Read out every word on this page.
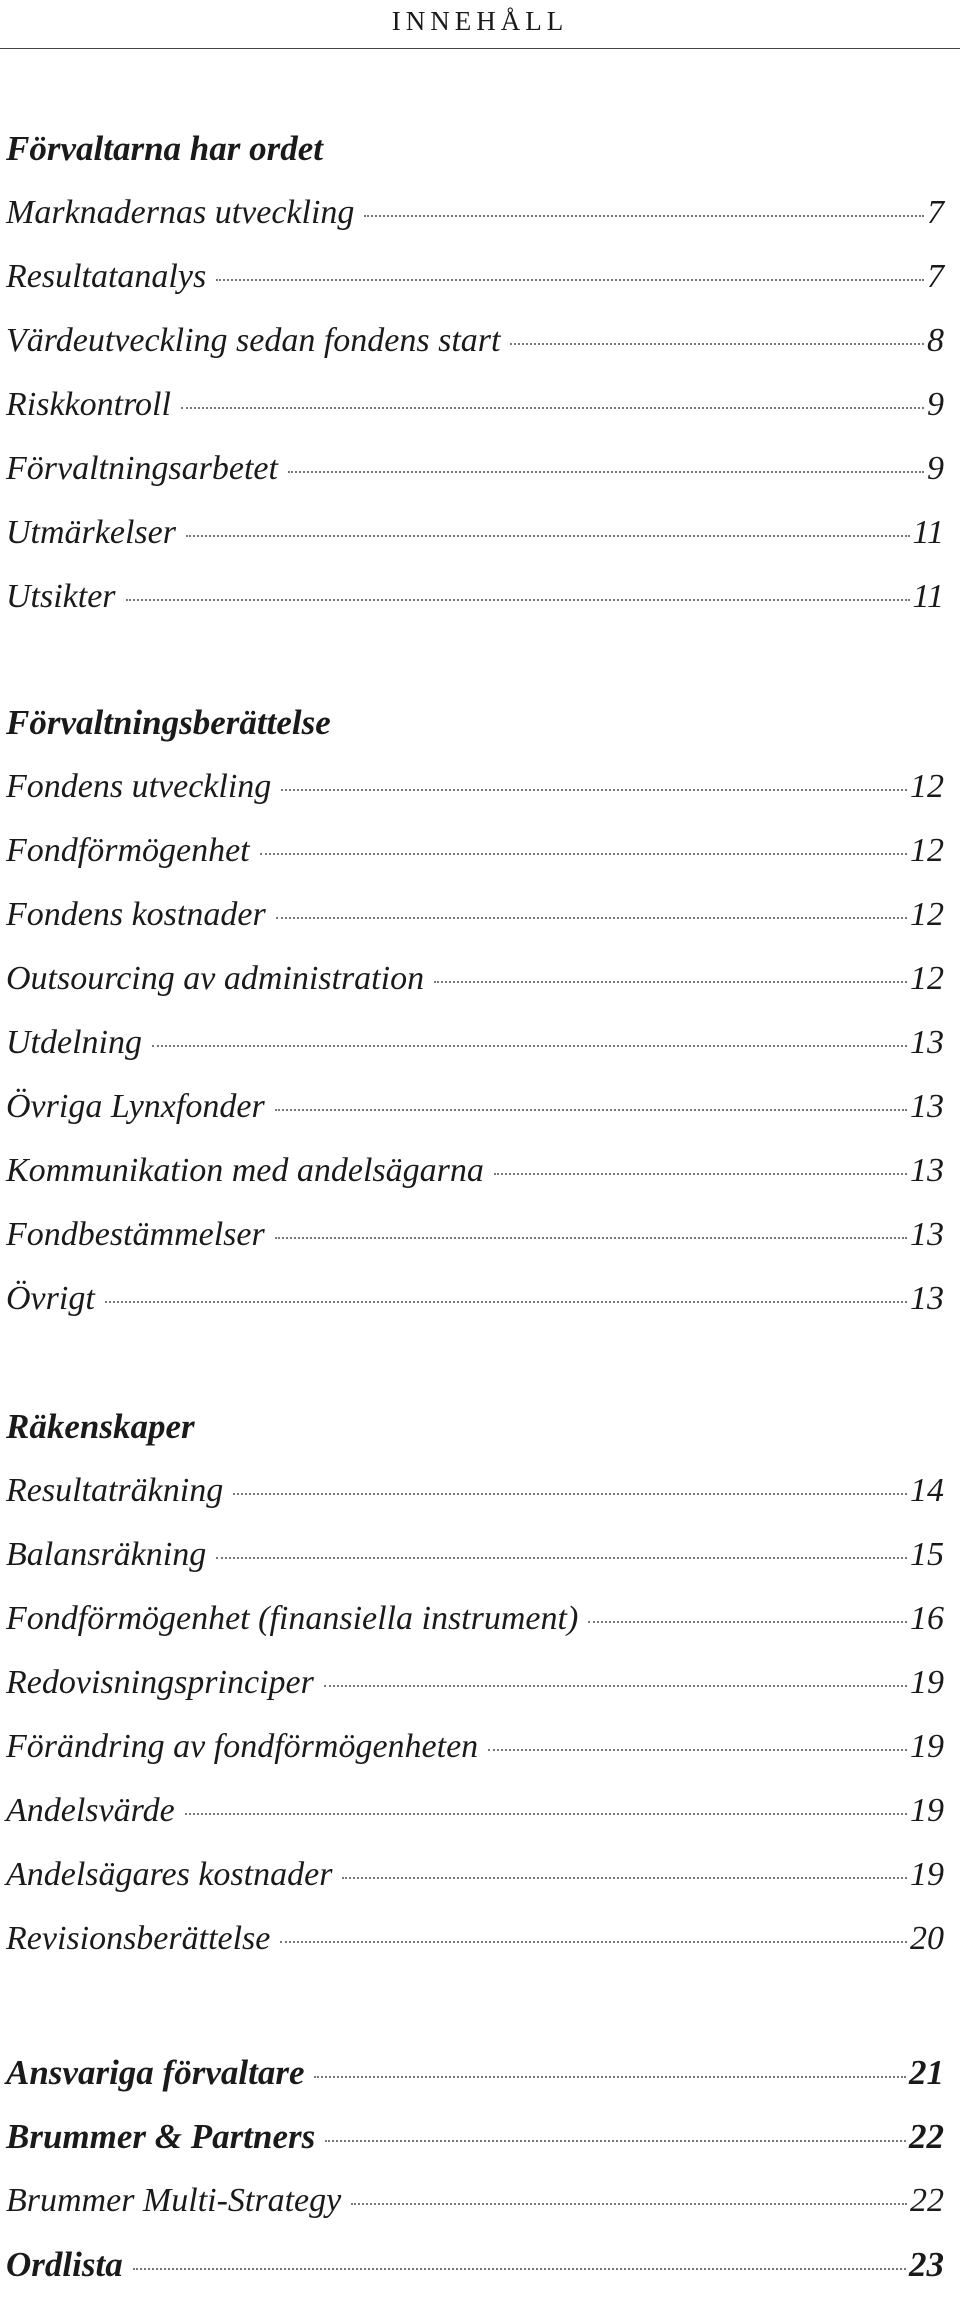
INNEHÅLL
Förvaltarna har ordet
Marknadernas utveckling	7
Resultatanalys	7
Värdeutveckling sedan fondens start	8
Riskkontroll	9
Förvaltningsarbetet	9
Utmärkelser	11
Utsikter	11
Förvaltningsberättelse
Fondens utveckling	12
Fondförmögenhet	12
Fondens kostnader	12
Outsourcing av administration	12
Utdelning	13
Övriga Lynxfonder	13
Kommunikation med andelsägarna	13
Fondbestämmelser	13
Övrigt	13
Räkenskaper
Resultaträkning	14
Balansräkning	15
Fondförmögenhet (finansiella instrument)	16
Redovisningsprinciper	19
Förändring av fondförmögenheten	19
Andelsvärde	19
Andelsägares kostnader	19
Revisionsberättelse	20
Ansvariga förvaltare	21
Brummer & Partners	22
Brummer Multi-Strategy	22
Ordlista	23
